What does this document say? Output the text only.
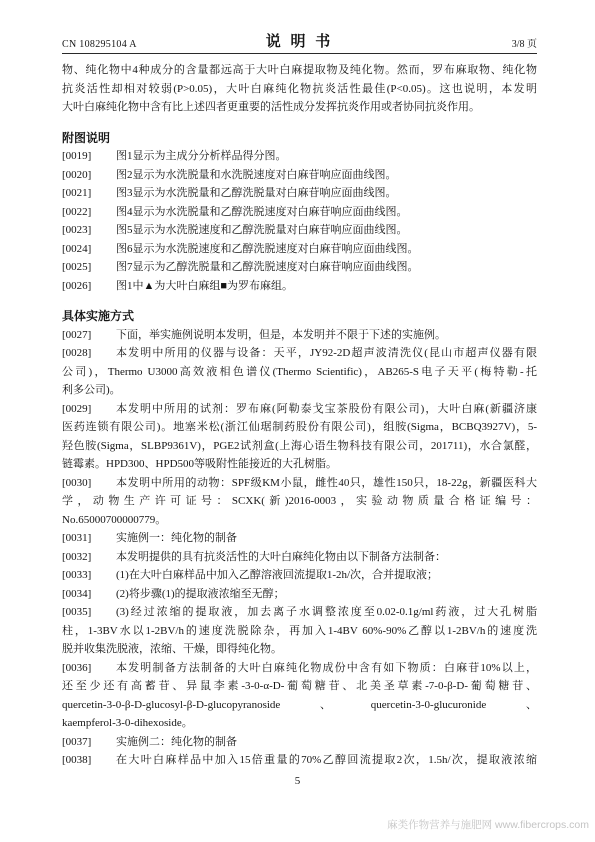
CN 108295104 A	说 明 书	3/8 页
物、纯化物中4种成分的含量都远高于大叶白麻提取物及纯化物。然而，罗布麻取物、纯化物
抗炎活性却相对较弱(P>0.05)，大叶白麻纯化物抗炎活性最佳(P<0.05)。这也说明，本发明
大叶白麻纯化物中含有比上述四者更重要的活性成分发挥抗炎作用或者协同抗炎作用。
附图说明
[0019]	图1显示为主成分分析样品得分图。
[0020]	图2显示为水洗脱量和水洗脱速度对白麻苷响应面曲线图。
[0021]	图3显示为水洗脱量和乙醇洗脱量对白麻苷响应面曲线图。
[0022]	图4显示为水洗脱量和乙醇洗脱速度对白麻苷响应面曲线图。
[0023]	图5显示为水洗脱速度和乙醇洗脱量对白麻苷响应面曲线图。
[0024]	图6显示为水洗脱速度和乙醇洗脱速度对白麻苷响应面曲线图。
[0025]	图7显示为乙醇洗脱量和乙醇洗脱速度对白麻苷响应面曲线图。
[0026]	图1中▲为大叶白麻组■为罗布麻组。
具体实施方式
[0027]	下面，举实施例说明本发明，但是，本发明并不限于下述的实施例。
[0028]	本发明中所用的仪器与设备：天平，JY92-2D超声波清洗仪(昆山市超声仪器有限
公司)，Thermo U3000高效液相色谱仪(Thermo Scientific)，AB265-S电子天平(梅特勒-托
利多公司)。
[0029]	本发明中所用的试剂：罗布麻(阿勒泰戈宝茶股份有限公司)，大叶白麻(新疆济康
医药连锁有限公司)。地塞米松(浙江仙琚制药股份有限公司)，组胺(Sigma，BCBQ3927V)，5-
羟色胺(Sigma，SLBP9361V)，PGE2试剂盒(上海心语生物科技有限公司，201711)，水合氯醛，
链霉素。HPD300、HPD500等吸附性能接近的大孔树脂。
[0030]	本发明中所用的动物：SPF级KM小鼠，雌性40只，雄性150只，18-22g，新疆医科大
学，动物生产许可证号：SCXK(新)2016-0003，实验动物质量合格证编号：
No.65000700000779。
[0031]	实施例一：纯化物的制备
[0032]	本发明提供的具有抗炎活性的大叶白麻纯化物由以下制备方法制备：
[0033]	(1)在大叶白麻样品中加入乙醇溶液回流提取1-2h/次，合并提取液；
[0034]	(2)将步骤(1)的提取液浓缩至无醇；
[0035]	(3)经过浓缩的提取液，加去离子水调整浓度至0.02-0.1g/ml药液，过大孔树脂
柱，1-3BV水以1-2BV/h的速度洗脱除杂，再加入1-4BV 60%-90%乙醇以1-2BV/h的速度洗
脱并收集洗脱液，浓缩、干燥，即得纯化物。
[0036]	本发明制备方法制备的大叶白麻纯化物成份中含有如下物质：白麻苷10%以上，
还至少还有高蓄苷、异鼠李素-3-0-α-D-葡萄糖苷、北美圣草素-7-0-β-D-葡萄糖苷、
quercetin-3-0-β-D-glucosyl-β-D-glucopyranoside、quercetin-3-0-glucuronide、
kaempferol-3-0-dihexoside。
[0037]	实施例二：纯化物的制备
[0038]	在大叶白麻样品中加入15倍重量的70%乙醇回流提取2次，1.5h/次，提取液浓缩
5
麻类作物营养与施肥网 www.fibercrops.com
